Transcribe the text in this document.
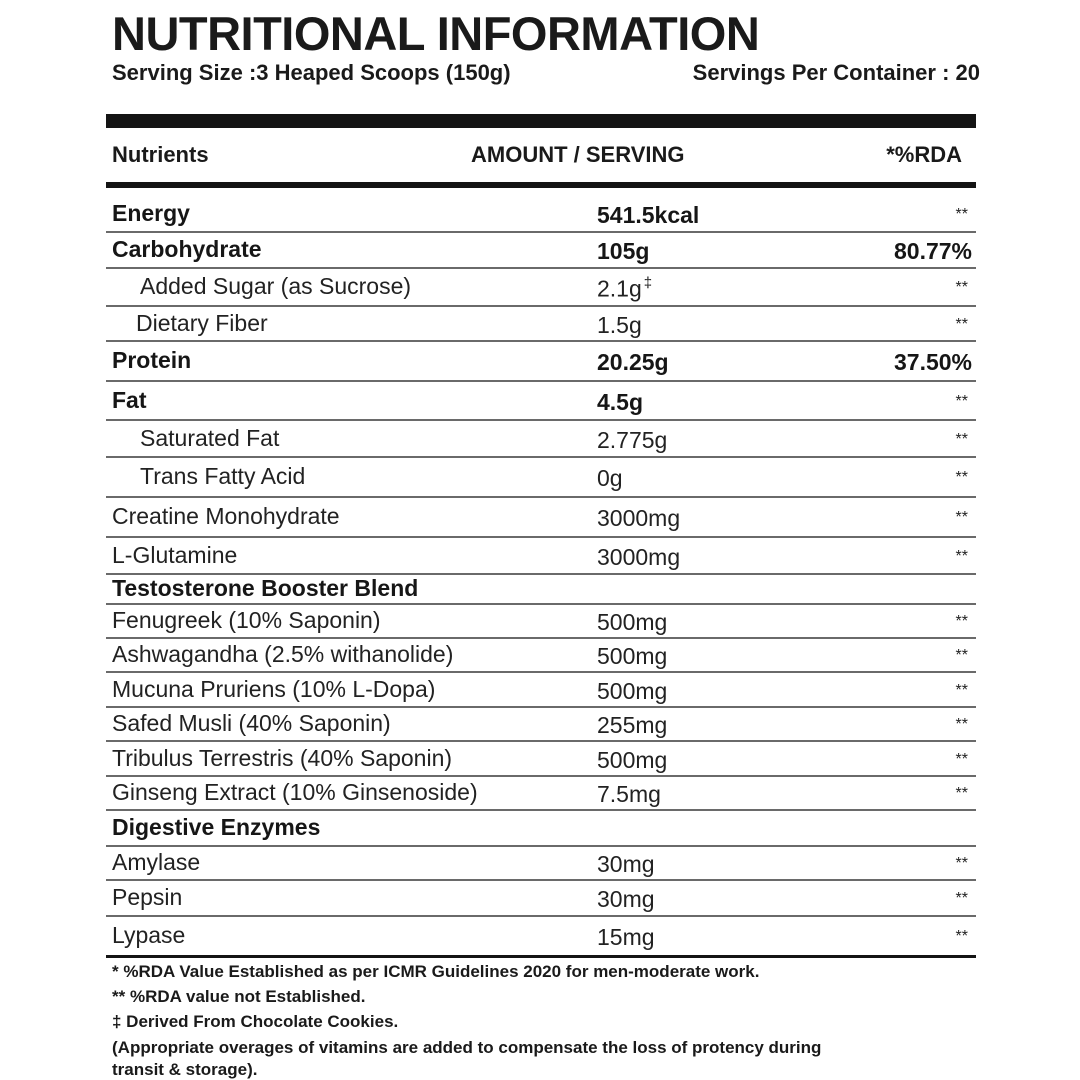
NUTRITIONAL INFORMATION
Serving Size :3 Heaped Scoops (150g)	Servings Per Container : 20
Nutrients	AMOUNT / SERVING	*%RDA
Energy	541.5kcal	**
Carbohydrate	105g	80.77%
Added Sugar (as Sucrose)	2.1g ‡	**
Dietary Fiber	1.5g	**
Protein	20.25g	37.50%
Fat	4.5g	**
Saturated Fat	2.775g	**
Trans Fatty Acid	0g	**
Creatine Monohydrate	3000mg	**
L-Glutamine	3000mg	**
Testosterone Booster Blend
Fenugreek (10% Saponin)	500mg	**
Ashwagandha (2.5% withanolide)	500mg	**
Mucuna Pruriens (10% L-Dopa)	500mg	**
Safed Musli (40% Saponin)	255mg	**
Tribulus Terrestris (40% Saponin)	500mg	**
Ginseng Extract (10% Ginsenoside)	7.5mg	**
Digestive Enzymes
Amylase	30mg	**
Pepsin	30mg	**
Lypase	15mg	**
* %RDA Value Established as per ICMR Guidelines 2020 for men-moderate work.
** %RDA value not Established.
‡ Derived From Chocolate Cookies.
(Appropriate overages of vitamins are added to compensate the loss of protency during
transit & storage).
